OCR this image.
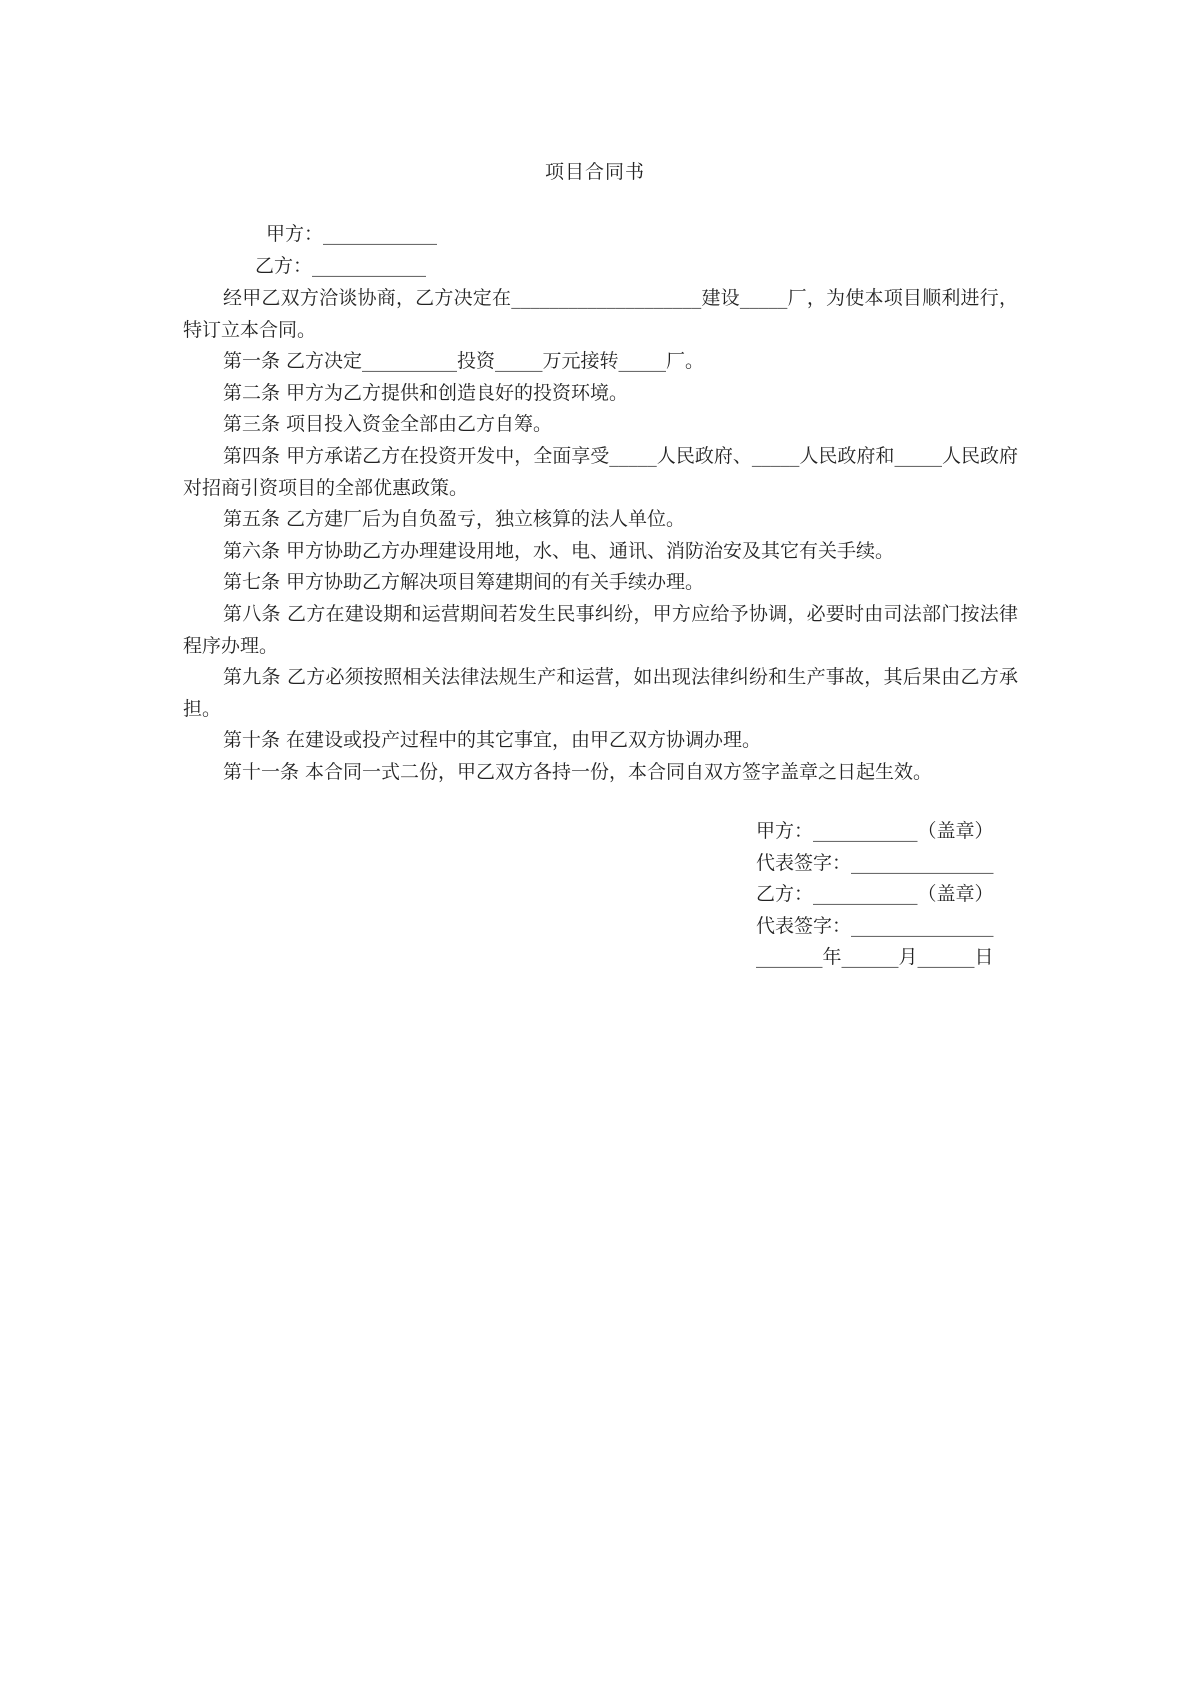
项目合同书
甲方：____________
乙方：____________

经甲乙双方洽谈协商，乙方决定在____________________建设_____厂，为使本项目顺利进行，特订立本合同。

第一条 乙方决定__________投资_____万元接转_____厂。

第二条 甲方为乙方提供和创造良好的投资环境。

第三条 项目投入资金全部由乙方自筹。

第四条 甲方承诺乙方在投资开发中，全面享受_____人民政府、_____人民政府和_____人民政府对招商引资项目的全部优惠政策。

第五条 乙方建厂后为自负盈亏，独立核算的法人单位。

第六条 甲方协助乙方办理建设用地，水、电、通讯、消防治安及其它有关手续。

第七条 甲方协助乙方解决项目筹建期间的有关手续办理。

第八条 乙方在建设期和运营期间若发生民事纠纷，甲方应给予协调，必要时由司法部门按法律程序办理。

第九条 乙方必须按照相关法律法规生产和运营，如出现法律纠纷和生产事故，其后果由乙方承担。

第十条 在建设或投产过程中的其它事宜，由甲乙双方协调办理。

第十一条 本合同一式二份，甲乙双方各持一份，本合同自双方签字盖章之日起生效。

甲方：___________（盖章）

代表签字：_______________

乙方：___________（盖章）

代表签字：_______________

_______年______月______日
